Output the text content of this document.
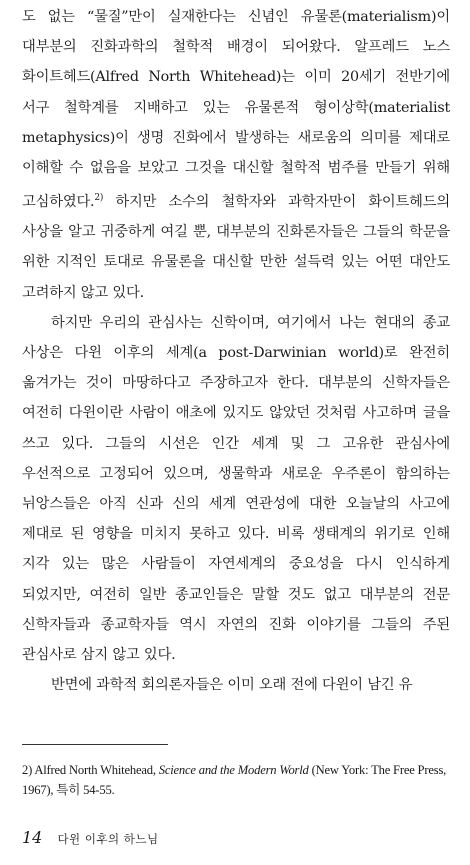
도 없는 “물질”만이 실재한다는 신념인 유물론(materialism)이 대부분의 진화과학의 철학적 배경이 되어왔다. 알프레드 노스 화이트헤드(Alfred North Whitehead)는 이미 20세기 전반기에 서구 철학계를 지배하고 있는 유물론적 형이상학(materialist metaphysics)이 생명 진화에서 발생하는 새로움의 의미를 제대로 이해할 수 없음을 보았고 그것을 대신할 철학적 범주를 만들기 위해 고심하였다.$^{2)}$ 하지만 소수의 철학자와 과학자만이 화이트헤드의 사상을 알고 귀중하게 여길 뿐, 대부분의 진화론자들은 그들의 학문을 위한 지적인 토대로 유물론을 대신할 만한 설득력 있는 어떤 대안도 고려하지 않고 있다.

하지만 우리의 관심사는 신학이며, 여기에서 나는 현대의 종교 사상은 다윈 이후의 세계(a post-Darwinian world)로 완전히 옮겨가는 것이 마땅하다고 주장하고자 한다. 대부분의 신학자들은 여전히 다윈이란 사람이 애초에 있지도 않았던 것처럼 사고하며 글을 쓰고 있다. 그들의 시선은 인간 세계 및 그 고유한 관심사에 우선적으로 고정되어 있으며, 생물학과 새로운 우주론이 함의하는 뉘앙스들은 아직 신과 신의 세계 연관성에 대한 오늘날의 사고에 제대로 된 영향을 미치지 못하고 있다. 비록 생태계의 위기로 인해 지각 있는 많은 사람들이 자연세계의 중요성을 다시 인식하게 되었지만, 여전히 일반 종교인들은 말할 것도 없고 대부분의 전문 신학자들과 종교학자들 역시 자연의 진화 이야기를 그들의 주된 관심사로 삼지 않고 있다.

반면에 과학적 회의론자들은 이미 오래 전에 다윈이 남긴 유

2) Alfred North Whitehead, Science and the Modern World (New York: The Free Press, 1967), 특히 54-55.
14 다윈 이후의 하느님
